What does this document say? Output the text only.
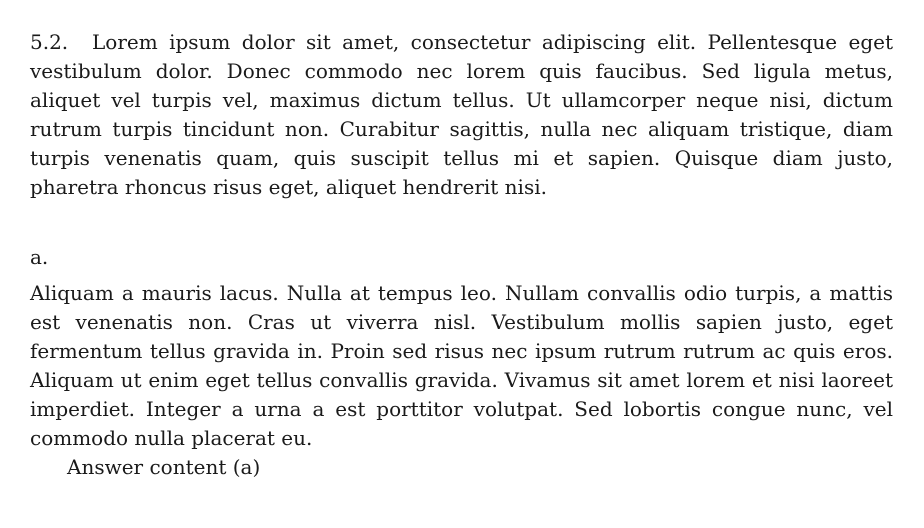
5.2. Lorem ipsum dolor sit amet, consectetur adipiscing elit. Pellentesque eget vestibulum dolor. Donec commodo nec lorem quis faucibus. Sed ligula metus, aliquet vel turpis vel, maximus dictum tellus. Ut ullamcorper neque nisi, dictum rutrum turpis tincidunt non. Curabitur sagittis, nulla nec aliquam tristique, diam turpis venenatis quam, quis suscipit tellus mi et sapien. Quisque diam justo, pharetra rhoncus risus eget, aliquet hendrerit nisi.

a.

Aliquam a mauris lacus. Nulla at tempus leo. Nullam convallis odio turpis, a mattis est venenatis non. Cras ut viverra nisl. Vestibulum mollis sapien justo, eget fermentum tellus gravida in. Proin sed risus nec ipsum rutrum rutrum ac quis eros. Aliquam ut enim eget tellus convallis gravida. Vivamus sit amet lorem et nisi laoreet imperdiet. Integer a urna a est porttitor volutpat. Sed lobortis congue nunc, vel commodo nulla placerat eu.

Answer content (a)
